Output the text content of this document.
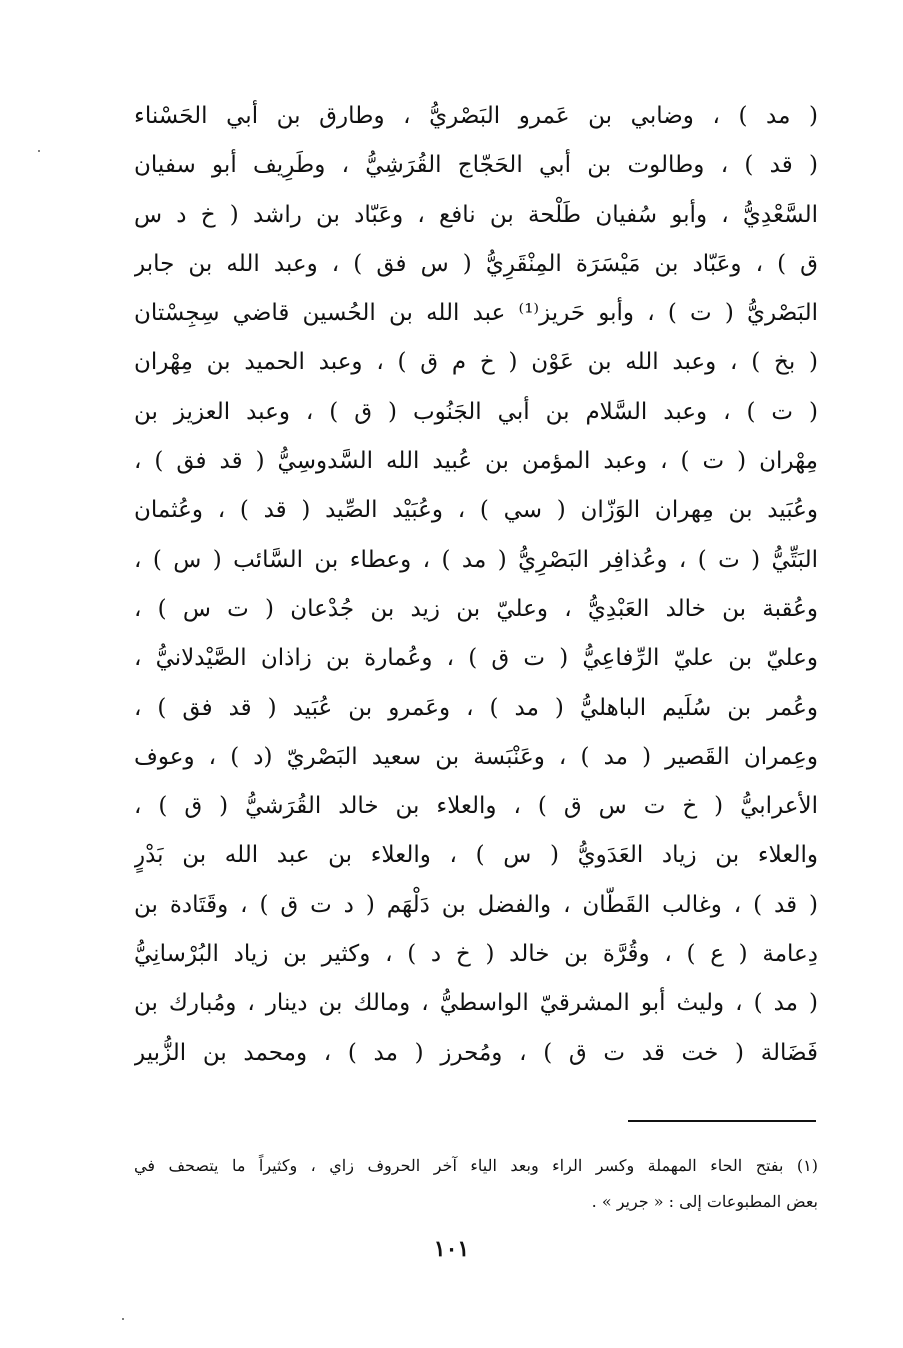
( مد ) ، وضابي بن عَمرو البَصْريُّ ، وطارق بن أبي الحَسْناء
( قد ) ، وطالوت بن أبي الحَجّاج القُرَشِيُّ ، وطَرِيف أبو سفيان
السَّعْدِيُّ ، وأبو سُفيان طَلْحة بن نافع ، وعَبّاد بن راشد ( خ د س
ق ) ، وعَبّاد بن مَيْسَرَة المِنْقَرِيُّ ( س فق ) ، وعبد الله بن جابر
البَصْريُّ ( ت ) ، وأبو حَريز⁽¹⁾ عبد الله بن الحُسين قاضي سِجِسْتان
( بخ ) ، وعبد الله بن عَوْن ( خ م ق ) ، وعبد الحميد بن مِهْران
( ت ) ، وعبد السَّلام بن أبي الجَنُوب ( ق ) ، وعبد العزيز بن
مِهْران ( ت ) ، وعبد المؤمن بن عُبيد الله السَّدوسِيُّ ( قد فق ) ،
وعُبَيد بن مِهران الوَزّان ( سي ) ، وعُبَيْد الصِّيد ( قد ) ، وعُثمان
البَتِّيُّ ( ت ) ، وعُذافِر البَصْرِيُّ ( مد ) ، وعطاء بن السَّائب ( س ) ،
وعُقبة بن خالد العَبْدِيُّ ، وعليّ بن زيد بن جُدْعان ( ت س ) ،
وعليّ بن عليّ الرِّفاعِيُّ ( ت ق ) ، وعُمارة بن زاذان الصَّيْدلانيُّ ،
وعُمر بن سُلَيم الباهليُّ ( مد ) ، وعَمرو بن عُبَيد ( قد فق ) ،
وعِمران القَصير ( مد ) ، وعَنْبَسة بن سعيد البَصْريّ (د ) ، وعوف
الأعرابيُّ ( خ ت س ق ) ، والعلاء بن خالد القُرَشيُّ ( ق ) ،
والعلاء بن زياد العَدَويُّ ( س ) ، والعلاء بن عبد الله بن بَدْرٍ
( قد ) ، وغالب القَطّان ، والفضل بن دَلْهَم ( د ت ق ) ، وقَتَادة بن
دِعامة ( ع ) ، وقُرَّة بن خالد ( خ د ) ، وكثير بن زياد البُرْسانِيُّ
( مد ) ، وليث أبو المشرقيّ الواسطيُّ ، ومالك بن دينار ، ومُبارك بن
فَضَالة ( خت قد ت ق ) ، ومُحرز ( مد ) ، ومحمد بن الزُّبير
(١) بفتح الحاء المهملة وكسر الراء وبعد الياء آخر الحروف زاي ، وكثيراً ما يتصحف في
بعض المطبوعات إلى : « جرير » .
١٠١
